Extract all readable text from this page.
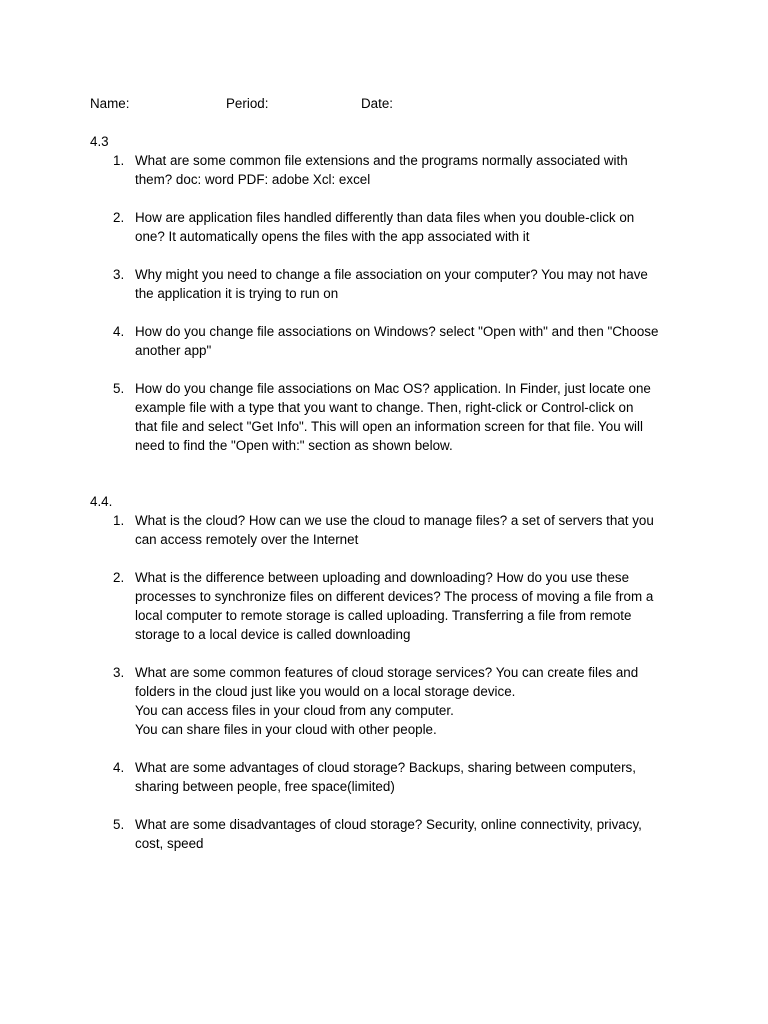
Name:	Period:	Date:
4.3
1. What are some common file extensions and the programs normally associated with
them? doc: word PDF: adobe Xcl: excel
2. How are application files handled differently than data files when you double-click on
one? It automatically opens the files with the app associated with it
3. Why might you need to change a file association on your computer? You may not have
the application it is trying to run on
4. How do you change file associations on Windows? select "Open with" and then "Choose
another app"
5. How do you change file associations on Mac OS? application. In Finder, just locate one
example file with a type that you want to change. Then, right-click or Control-click on
that file and select "Get Info". This will open an information screen for that file. You will
need to find the "Open with:" section as shown below.
4.4.
1. What is the cloud? How can we use the cloud to manage files? a set of servers that you
can access remotely over the Internet
2. What is the difference between uploading and downloading? How do you use these
processes to synchronize files on different devices? The process of moving a file from a
local computer to remote storage is called uploading. Transferring a file from remote
storage to a local device is called downloading
3. What are some common features of cloud storage services? You can create files and
folders in the cloud just like you would on a local storage device.
You can access files in your cloud from any computer.
You can share files in your cloud with other people.
4. What are some advantages of cloud storage? Backups, sharing between computers,
sharing between people, free space(limited)
5. What are some disadvantages of cloud storage? Security, online connectivity, privacy,
cost, speed
